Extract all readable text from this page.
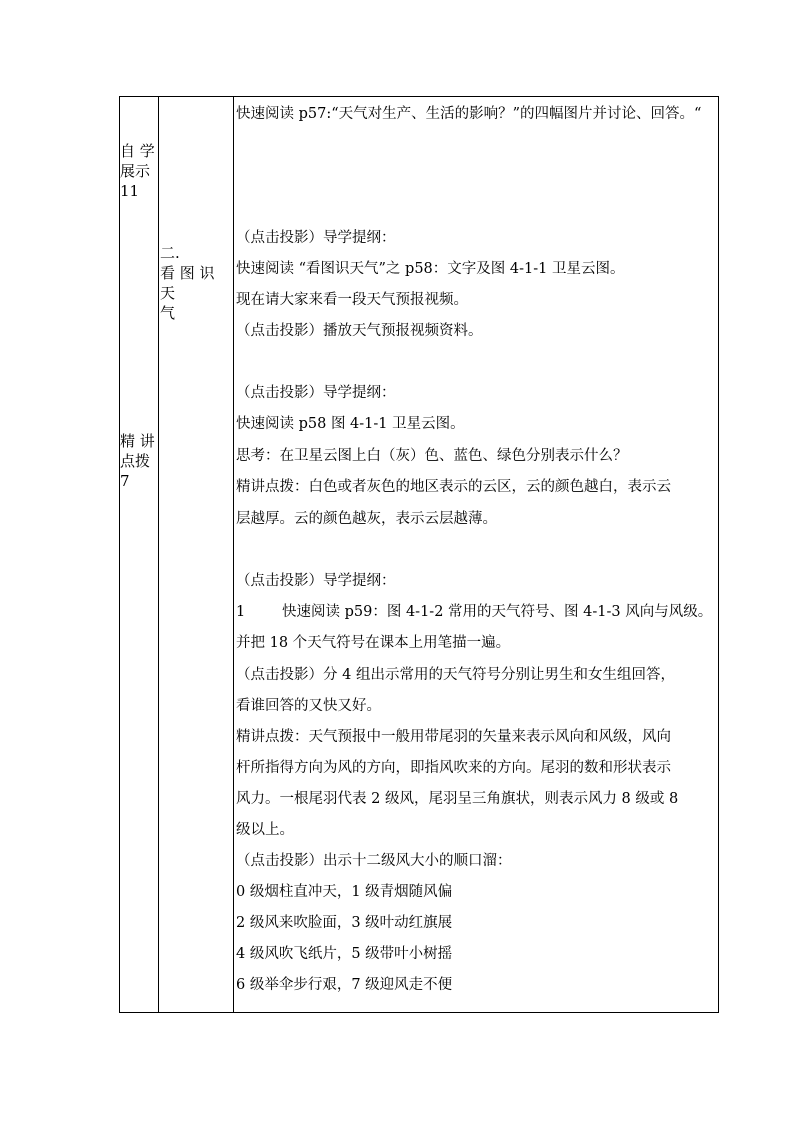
自 学
展示
11
精 讲
点拨
7
二.
看 图 识 天
气
快速阅读 p57:“天气对生产、生活的影响？”的四幅图片并讨论、回答。“
（点击投影）导学提纲：
快速阅读 “看图识天气”之 p58：文字及图 4-1-1 卫星云图。
现在请大家来看一段天气预报视频。
（点击投影）播放天气预报视频资料。
（点击投影）导学提纲：
快速阅读 p58 图 4-1-1 卫星云图。
思考：在卫星云图上白（灰）色、蓝色、绿色分别表示什么？
精讲点拨：白色或者灰色的地区表示的云区，云的颜色越白，表示云
层越厚。云的颜色越灰，表示云层越薄。
（点击投影）导学提纲：
1	快速阅读 p59：图 4-1-2 常用的天气符号、图 4-1-3 风向与风级。
并把 18 个天气符号在课本上用笔描一遍。
（点击投影）分 4 组出示常用的天气符号分别让男生和女生组回答，
看谁回答的又快又好。
精讲点拨：天气预报中一般用带尾羽的矢量来表示风向和风级，风向
杆所指得方向为风的方向，即指风吹来的方向。尾羽的数和形状表示
风力。一根尾羽代表 2 级风，尾羽呈三角旗状，则表示风力 8 级或 8
级以上。
（点击投影）出示十二级风大小的顺口溜：
0 级烟柱直冲天，1 级青烟随风偏
2 级风来吹脸面，3 级叶动红旗展
4 级风吹飞纸片，5 级带叶小树摇
6 级举伞步行艰，7 级迎风走不便
